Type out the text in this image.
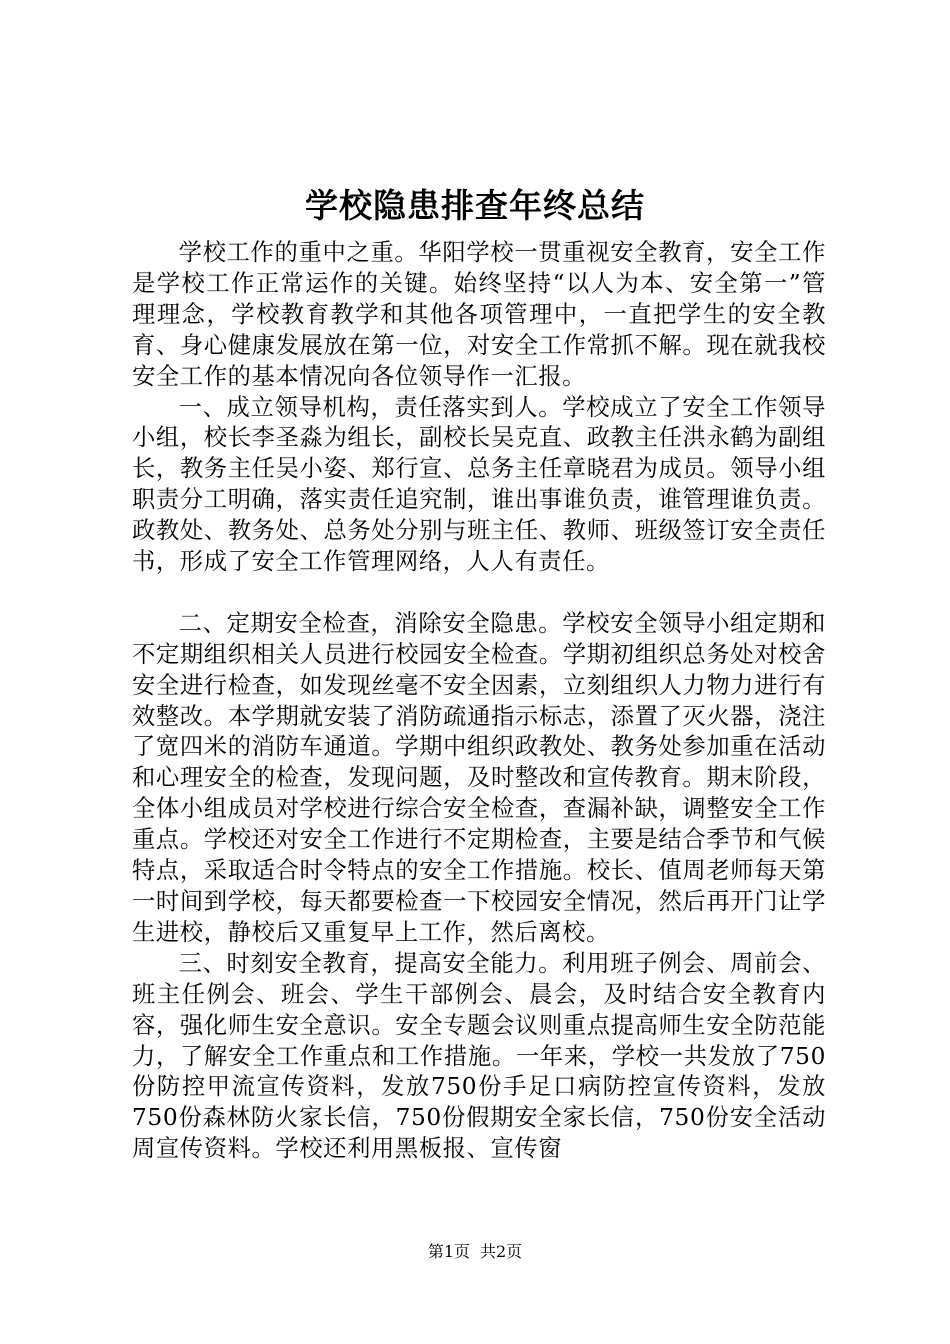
学校隐患排查年终总结

学校工作的重中之重。华阳学校一贯重视安全教育，安全工作是学校工作正常运作的关键。始终坚持“以人为本、安全第一”管理理念，学校教育教学和其他各项管理中，一直把学生的安全教育、身心健康发展放在第一位，对安全工作常抓不解。现在就我校安全工作的基本情况向各位领导作一汇报。

一、成立领导机构，责任落实到人。学校成立了安全工作领导小组，校长李圣淼为组长，副校长吴克直、政教主任洪永鹤为副组长，教务主任吴小姿、郑行宣、总务主任章晓君为成员。领导小组职责分工明确，落实责任追究制，谁出事谁负责，谁管理谁负责。政教处、教务处、总务处分别与班主任、教师、班级签订安全责任书，形成了安全工作管理网络，人人有责任。

二、定期安全检查，消除安全隐患。学校安全领导小组定期和不定期组织相关人员进行校园安全检查。学期初组织总务处对校舍安全进行检查，如发现丝毫不安全因素，立刻组织人力物力进行有效整改。本学期就安装了消防疏通指示标志，添置了灭火器，浇注了宽四米的消防车通道。学期中组织政教处、教务处参加重在活动和心理安全的检查，发现问题，及时整改和宣传教育。期末阶段，全体小组成员对学校进行综合安全检查，查漏补缺，调整安全工作重点。学校还对安全工作进行不定期检查，主要是结合季节和气候特点，采取适合时令特点的安全工作措施。校长、值周老师每天第一时间到学校，每天都要检查一下校园安全情况，然后再开门让学生进校，静校后又重复早上工作，然后离校。

三、时刻安全教育，提高安全能力。利用班子例会、周前会、班主任例会、班会、学生干部例会、晨会，及时结合安全教育内容，强化师生安全意识。安全专题会议则重点提高师生安全防范能力，了解安全工作重点和工作措施。一年来，学校一共发放了750份防控甲流宣传资料，发放750份手足口病防控宣传资料，发放750份森林防火家长信，750份假期安全家长信，750份安全活动周宣传资料。学校还利用黑板报、宣传窗

第1页 共2页
